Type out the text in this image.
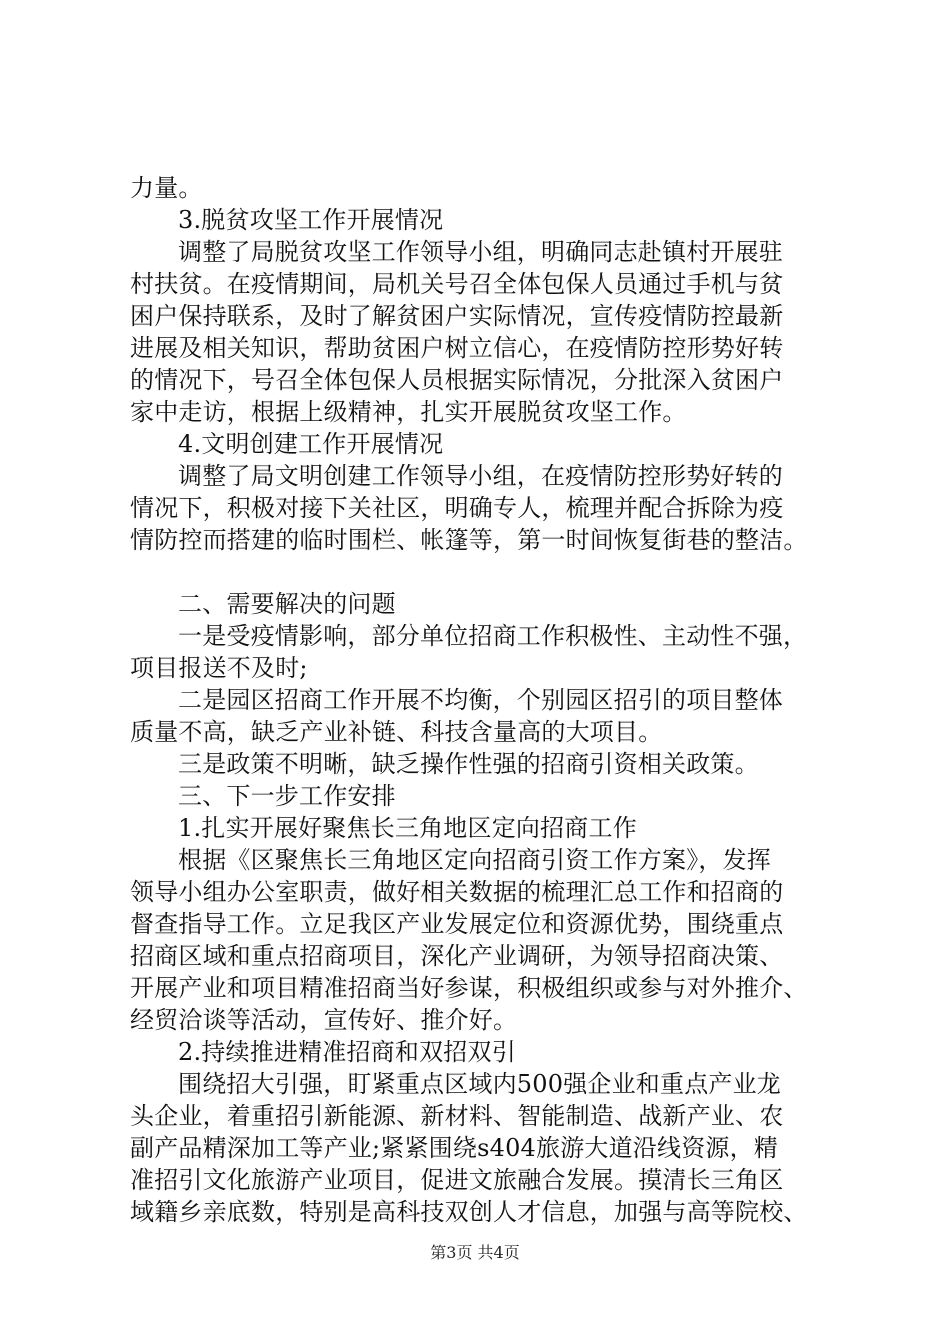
力量。
3.脱贫攻坚工作开展情况
调整了局脱贫攻坚工作领导小组，明确同志赴镇村开展驻
村扶贫。在疫情期间，局机关号召全体包保人员通过手机与贫
困户保持联系，及时了解贫困户实际情况，宣传疫情防控最新
进展及相关知识，帮助贫困户树立信心，在疫情防控形势好转
的情况下，号召全体包保人员根据实际情况，分批深入贫困户
家中走访，根据上级精神，扎实开展脱贫攻坚工作。
4.文明创建工作开展情况
调整了局文明创建工作领导小组，在疫情防控形势好转的
情况下，积极对接下关社区，明确专人，梳理并配合拆除为疫
情防控而搭建的临时围栏、帐篷等，第一时间恢复街巷的整洁。
二、需要解决的问题
一是受疫情影响，部分单位招商工作积极性、主动性不强，
项目报送不及时;
二是园区招商工作开展不均衡，个别园区招引的项目整体
质量不高，缺乏产业补链、科技含量高的大项目。
三是政策不明晰，缺乏操作性强的招商引资相关政策。
三、下一步工作安排
1.扎实开展好聚焦长三角地区定向招商工作
根据《区聚焦长三角地区定向招商引资工作方案》，发挥
领导小组办公室职责，做好相关数据的梳理汇总工作和招商的
督查指导工作。立足我区产业发展定位和资源优势，围绕重点
招商区域和重点招商项目，深化产业调研，为领导招商决策、
开展产业和项目精准招商当好参谋，积极组织或参与对外推介、
经贸洽谈等活动，宣传好、推介好。
2.持续推进精准招商和双招双引
围绕招大引强，盯紧重点区域内500强企业和重点产业龙
头企业，着重招引新能源、新材料、智能制造、战新产业、农
副产品精深加工等产业;紧紧围绕s404旅游大道沿线资源，精
准招引文化旅游产业项目，促进文旅融合发展。摸清长三角区
域籍乡亲底数，特别是高科技双创人才信息，加强与高等院校、
第3页 共4页
